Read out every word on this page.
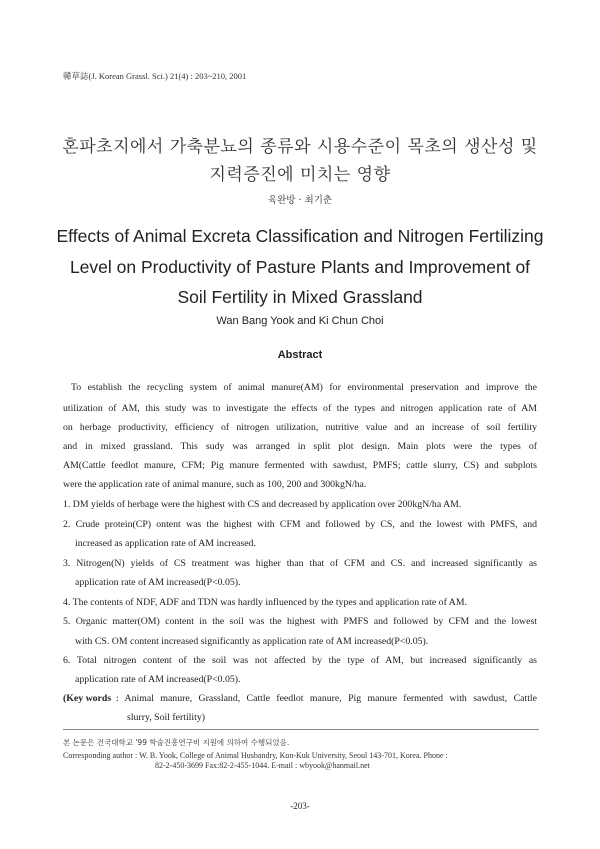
韓草誌(J. Korean Grassl. Sci.) 21(4) : 203~210, 2001
혼파초지에서 가축분뇨의 종류와 시용수준이 목초의 생산성 및
지력증진에 미치는 영향
육완방 · 최기춘
Effects of Animal Excreta Classification and Nitrogen Fertilizing
Level on Productivity of Pasture Plants and Improvement of
Soil Fertility in Mixed Grassland
Wan Bang Yook and Ki Chun Choi
Abstract
To establish the recycling system of animal manure(AM) for environmental preservation and improve the
utilization of AM, this study was to investigate the effects of the types and nitrogen application rate of AM
on herbage productivity, efficiency of nitrogen utilization, nutritive value and an increase of soil fertility
and in mixed grassland. This sudy was arranged in split plot design. Main plots were the types of
AM(Cattle feedlot manure, CFM; Pig manure fermented with sawdust, PMFS; cattle slurry, CS) and subplots
were the application rate of animal manure, such as 100, 200 and 300kgN/ha.
1. DM yields of herbage were the highest with CS and decreased by application over 200kgN/ha AM.
2. Crude protein(CP) ontent was the highest with CFM and followed by CS, and the lowest with PMFS, and
increased as application rate of AM increased.
3. Nitrogen(N) yields of CS treatment was higher than that of CFM and CS. and increased significantly as
application rate of AM increased(P<0.05).
4. The contents of NDF, ADF and TDN was hardly influenced by the types and application rate of AM.
5. Organic matter(OM) content in the soil was the highest with PMFS and followed by CFM and the lowest
with CS. OM content increased significantly as application rate of AM increased(P<0.05).
6. Total nitrogen content of the soil was not affected by the type of AM, but increased significantly as
application rate of AM increased(P<0.05).
(Key words : Animal manure, Grassland, Cattle feedlot manure, Pig manure fermented with sawdust, Cattle
slurry, Soil fertility)
본 논문은 건국대학교 '99 학술진흥연구비 지원에 의하여 수행되었음.
Corresponding author : W. B. Yook, College of Animal Husbandry, Kon-Kuk University, Seoul 143-701, Korea. Phone :
82-2-450-3699 Fax:82-2-455-1044. E-mail : wbyook@hanmail.net
-203-
